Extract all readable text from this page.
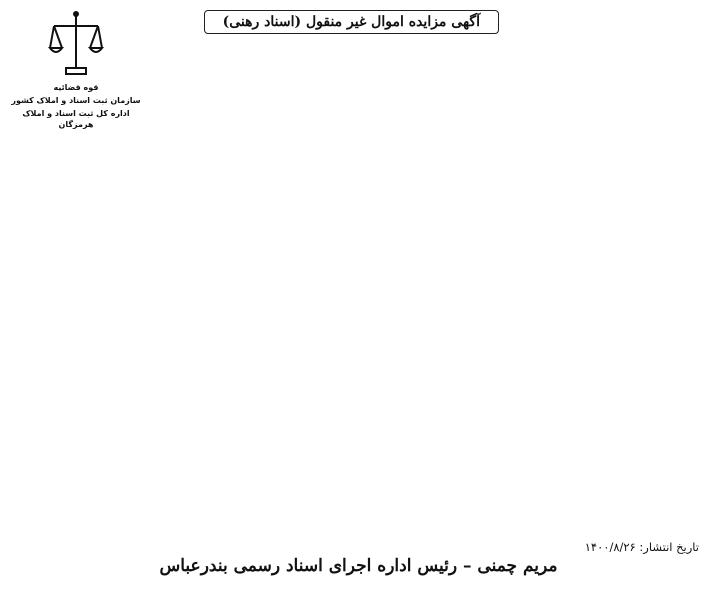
آگهی مزایده اموال غیر منقول (اسناد رهنی)
قوه قضائیه
سازمان ثبت اسناد و املاک کشور
اداره کل ثبت اسناد و املاک هرمزگان
تاریخ انتشار: ۱۴۰۰/۸/۲۶
مریم چمنی – رئیس اداره اجرای اسناد رسمی بندرعباس
